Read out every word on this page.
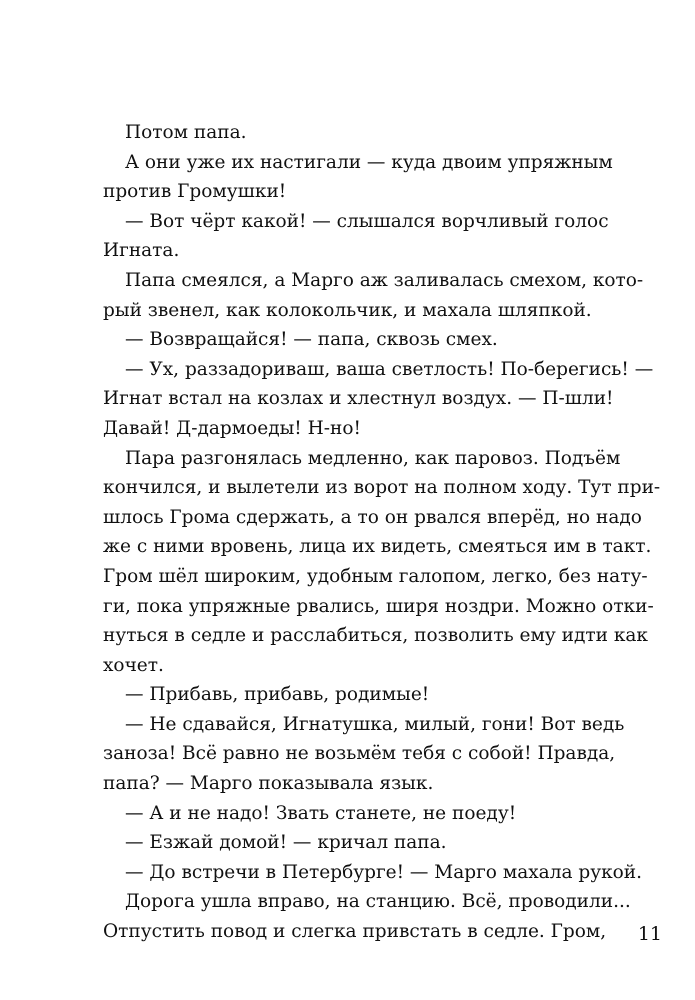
Потом папа.
А они уже их настигали — куда двоим упряжным
против Громушки!
— Вот чёрт какой! — слышался ворчливый голос
Игната.
Папа смеялся, а Марго аж заливалась смехом, кото-
рый звенел, как колокольчик, и махала шляпкой.
— Возвращайся! — папа, сквозь смех.
— Ух, раззадориваш, ваша светлость! По-берегись! —
Игнат встал на козлах и хлестнул воздух. — П-шли!
Давай! Д-дармоеды! Н-но!
Пара разгонялась медленно, как паровоз. Подъём
кончился, и вылетели из ворот на полном ходу. Тут при-
шлось Грома сдержать, а то он рвался вперёд, но надо
же с ними вровень, лица их видеть, смеяться им в такт.
Гром шёл широким, удобным галопом, легко, без нату-
ги, пока упряжные рвались, ширя ноздри. Можно отки-
нуться в седле и расслабиться, позволить ему идти как
хочет.
— Прибавь, прибавь, родимые!
— Не сдавайся, Игнатушка, милый, гони! Вот ведь
заноза! Всё равно не возьмём тебя с собой! Правда,
папа? — Марго показывала язык.
— А и не надо! Звать станете, не поеду!
— Езжай домой! — кричал папа.
— До встречи в Петербурге! — Марго махала рукой.
Дорога ушла вправо, на станцию. Всё, проводили...
Отпустить повод и слегка привстать в седле. Гром,	11
